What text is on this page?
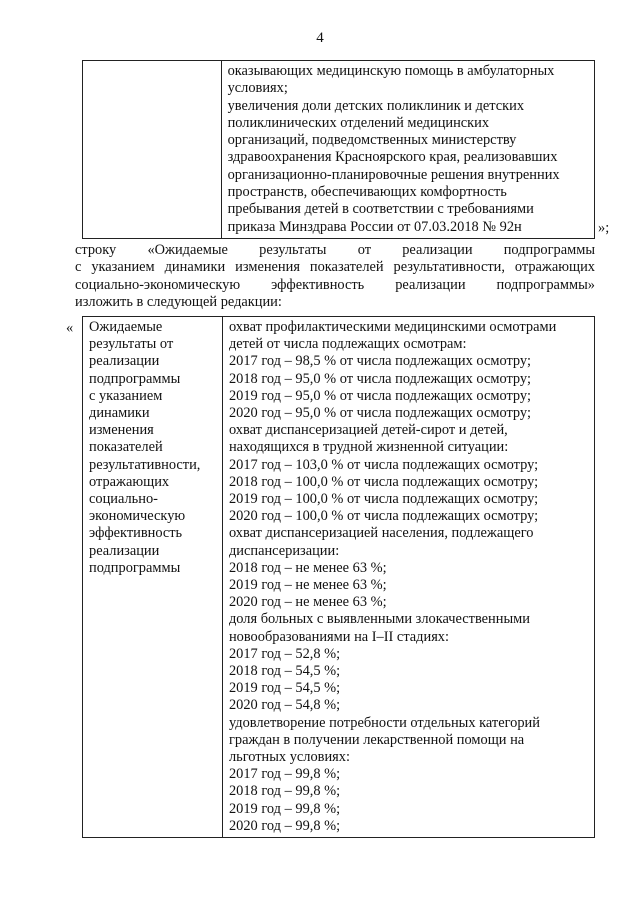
4

оказывающих медицинскую помощь в амбулаторных
условиях;
увеличения доли детских поликлиник и детских
поликлинических отделений медицинских
организаций, подведомственных министерству
здравоохранения Красноярского края, реализовавших
организационно-планировочные решения внутренних
пространств, обеспечивающих комфортность
пребывания детей в соответствии с требованиями
приказа Минздрава России от 07.03.2018 № 92н	»;
строку «Ожидаемые результаты от реализации подпрограммы
с указанием динамики изменения показателей результативности, отражающих
социально-экономическую эффективность реализации подпрограммы»
изложить в следующей редакции:
« Ожидаемые
результаты от
реализации
подпрограммы
с указанием
динамики
изменения
показателей
результативности,
отражающих
социально-
экономическую
эффективность
реализации
подпрограммы

охват профилактическими медицинскими осмотрами
детей от числа подлежащих осмотрам:
2017 год – 98,5 % от числа подлежащих осмотру;
2018 год – 95,0 % от числа подлежащих осмотру;
2019 год – 95,0 % от числа подлежащих осмотру;
2020 год – 95,0 % от числа подлежащих осмотру;
охват диспансеризацией детей-сирот и детей,
находящихся в трудной жизненной ситуации:
2017 год – 103,0 % от числа подлежащих осмотру;
2018 год – 100,0 % от числа подлежащих осмотру;
2019 год – 100,0 % от числа подлежащих осмотру;
2020 год – 100,0 % от числа подлежащих осмотру;
охват диспансеризацией населения, подлежащего
диспансеризации:
2018 год – не менее 63 %;
2019 год – не менее 63 %;
2020 год – не менее 63 %;
доля больных с выявленными злокачественными
новообразованиями на I–II стадиях:
2017 год – 52,8 %;
2018 год – 54,5 %;
2019 год – 54,5 %;
2020 год – 54,8 %;
удовлетворение потребности отдельных категорий
граждан в получении лекарственной помощи на
льготных условиях:
2017 год – 99,8 %;
2018 год – 99,8 %;
2019 год – 99,8 %;
2020 год – 99,8 %;
